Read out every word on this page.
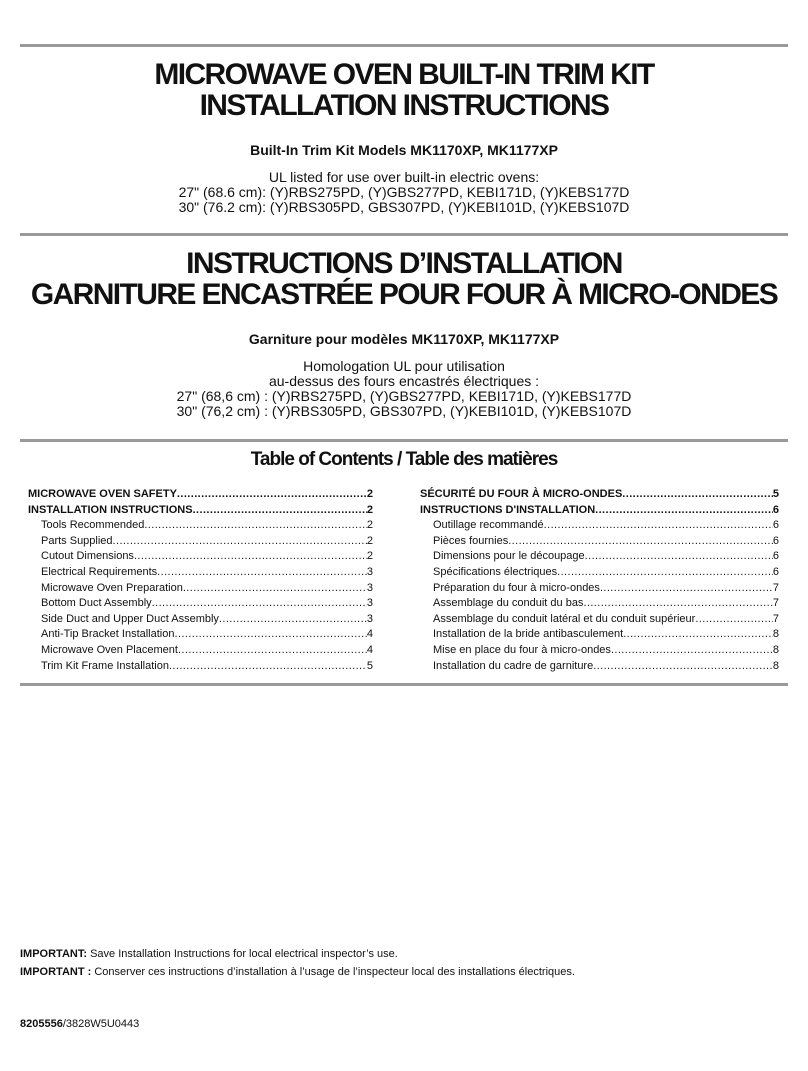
MICROWAVE OVEN BUILT-IN TRIM KIT
INSTALLATION INSTRUCTIONS
Built-In Trim Kit Models MK1170XP, MK1177XP
UL listed for use over built-in electric ovens:
27" (68.6 cm): (Y)RBS275PD, (Y)GBS277PD, KEBI171D, (Y)KEBS177D
30" (76.2 cm): (Y)RBS305PD, GBS307PD, (Y)KEBI101D, (Y)KEBS107D
INSTRUCTIONS D’INSTALLATION
GARNITURE ENCASTRÉE POUR FOUR À MICRO-ONDES
Garniture pour modèles MK1170XP, MK1177XP
Homologation UL pour utilisation
au-dessus des fours encastrés électriques :
27" (68,6 cm) : (Y)RBS275PD, (Y)GBS277PD, KEBI171D, (Y)KEBS177D
30" (76,2 cm) : (Y)RBS305PD, GBS307PD, (Y)KEBI101D, (Y)KEBS107D
Table of Contents / Table des matières
MICROWAVE OVEN SAFETY .....	2
INSTALLATION INSTRUCTIONS .....	2
Tools Recommended .....	2
Parts Supplied .....	2
Cutout Dimensions .....	2
Electrical Requirements .....	3
Microwave Oven Preparation .....	3
Bottom Duct Assembly .....	3
Side Duct and Upper Duct Assembly .....	3
Anti-Tip Bracket Installation .....	4
Microwave Oven Placement .....	4
Trim Kit Frame Installation .....	5
SÉCURITÉ DU FOUR À MICRO-ONDES .....	5
INSTRUCTIONS D'INSTALLATION .....	6
Outillage recommandé .....	6
Pièces fournies .....	6
Dimensions pour le découpage .....	6
Spécifications électriques .....	6
Préparation du four à micro-ondes .....	7
Assemblage du conduit du bas .....	7
Assemblage du conduit latéral et du conduit supérieur .....	7
Installation de la bride antibasculement .....	8
Mise en place du four à micro-ondes .....	8
Installation du cadre de garniture .....	8
IMPORTANT: Save Installation Instructions for local electrical inspector’s use.
IMPORTANT : Conserver ces instructions d’installation à l’usage de l’inspecteur local des installations électriques.
8205556/3828W5U0443
